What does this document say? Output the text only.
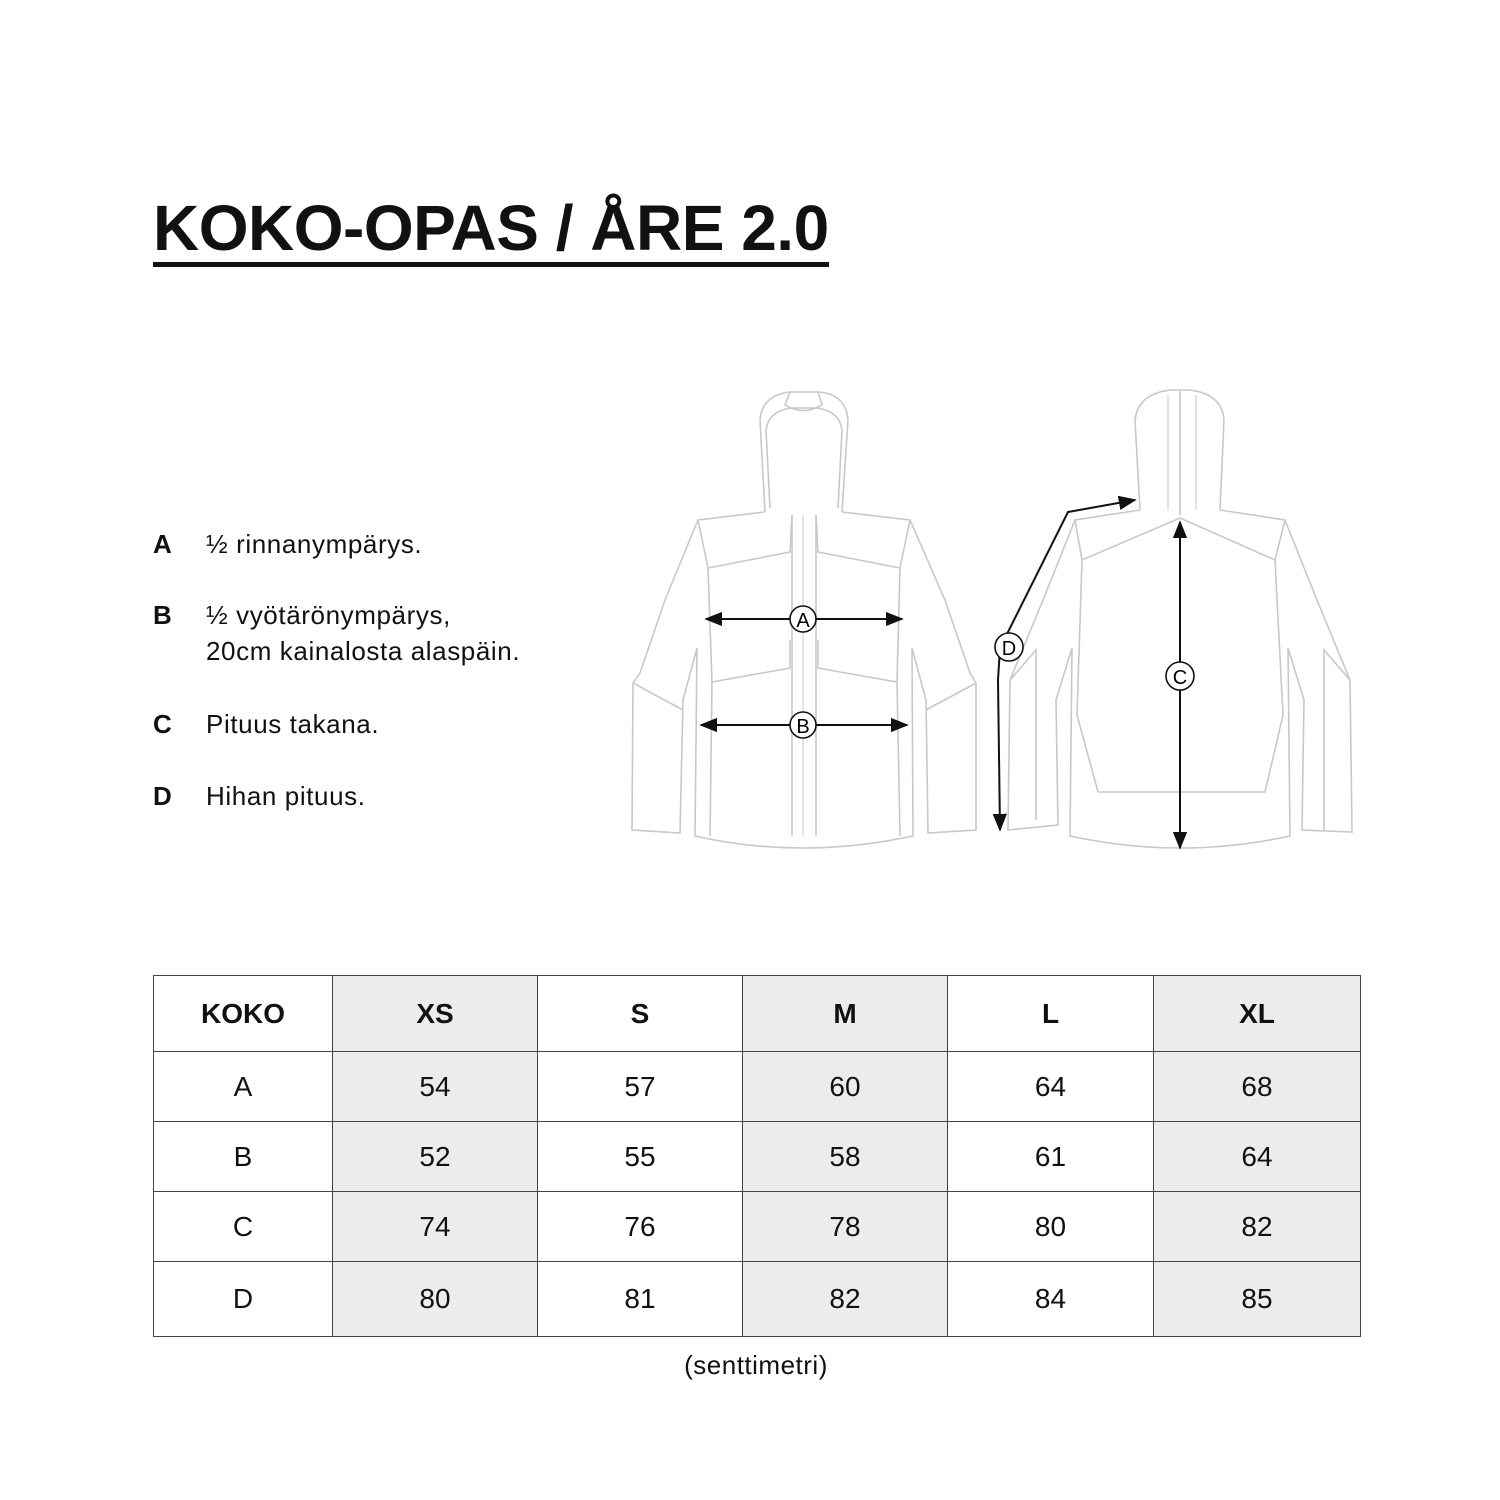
KOKO-OPAS / ÅRE 2.0
A ½ rinnanympärys.
B ½ vyötärönympärys,
20cm kainalosta alaspäin.
C Pituus takana.
D Hihan pituus.
A
B
C
D
KOKO	XS	S	M	L	XL
A	54	57	60	64	68
B	52	55	58	61	64
C	74	76	78	80	82
D	80	81	82	84	85
(senttimetri)
